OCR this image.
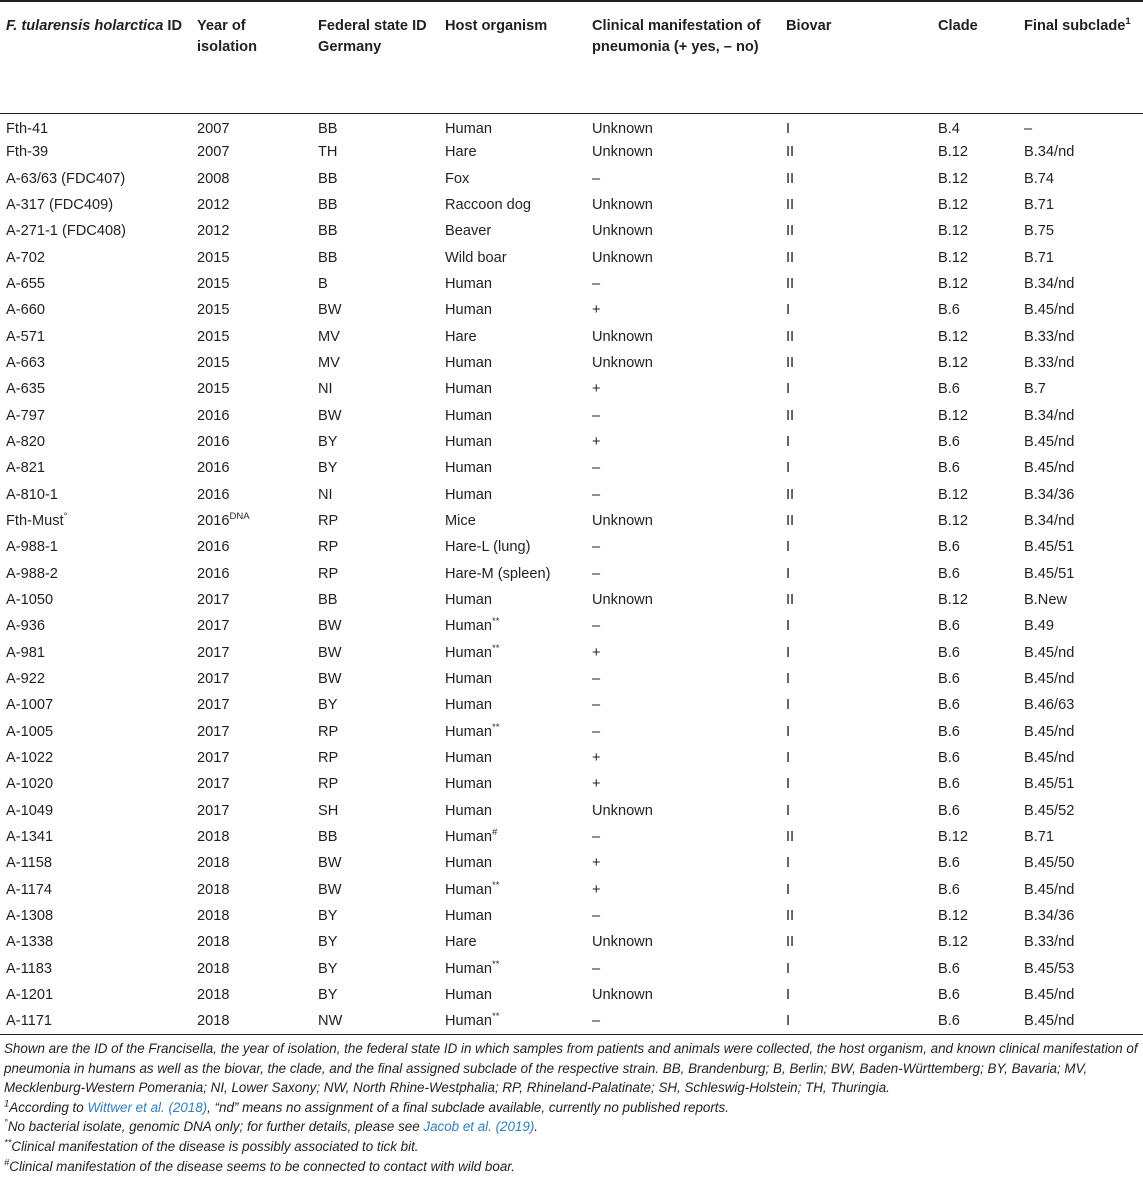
F. tularensis holarctica ID	Year of isolation	Federal state ID Germany	Host organism	Clinical manifestation of pneumonia (+ yes, – no)	Biovar	Clade	Final subclade$^1$
Fth-41	2007	BB	Human	Unknown	I	B.4	–
Fth-39	2007	TH	Hare	Unknown	II	B.12	B.34/nd
A-63/63 (FDC407)	2008	BB	Fox	–	II	B.12	B.74
A-317 (FDC409)	2012	BB	Raccoon dog	Unknown	II	B.12	B.71
A-271-1 (FDC408)	2012	BB	Beaver	Unknown	II	B.12	B.75
A-702	2015	BB	Wild boar	Unknown	II	B.12	B.71
A-655	2015	B	Human	–	II	B.12	B.34/nd
A-660	2015	BW	Human	+	I	B.6	B.45/nd
A-571	2015	MV	Hare	Unknown	II	B.12	B.33/nd
A-663	2015	MV	Human	Unknown	II	B.12	B.33/nd
A-635	2015	NI	Human	+	I	B.6	B.7
A-797	2016	BW	Human	–	II	B.12	B.34/nd
A-820	2016	BY	Human	+	I	B.6	B.45/nd
A-821	2016	BY	Human	–	I	B.6	B.45/nd
A-810-1	2016	NI	Human	–	II	B.12	B.34/36
Fth-Must°	$2016^{DNA}$	RP	Mice	Unknown	II	B.12	B.34/nd
A-988-1	2016	RP	Hare-L (lung)	–	I	B.6	B.45/51
A-988-2	2016	RP	Hare-M (spleen)	–	I	B.6	B.45/51
A-1050	2017	BB	Human	Unknown	II	B.12	B.New
A-936	2017	BW	Human**	–	I	B.6	B.49
A-981	2017	BW	Human**	+	I	B.6	B.45/nd
A-922	2017	BW	Human	–	I	B.6	B.45/nd
A-1007	2017	BY	Human	–	I	B.6	B.46/63
A-1005	2017	RP	Human**	–	I	B.6	B.45/nd
A-1022	2017	RP	Human	+	I	B.6	B.45/nd
A-1020	2017	RP	Human	+	I	B.6	B.45/51
A-1049	2017	SH	Human	Unknown	I	B.6	B.45/52
A-1341	2018	BB	Human#	–	II	B.12	B.71
A-1158	2018	BW	Human	+	I	B.6	B.45/50
A-1174	2018	BW	Human**	+	I	B.6	B.45/nd
A-1308	2018	BY	Human	–	II	B.12	B.34/36
A-1338	2018	BY	Hare	Unknown	II	B.12	B.33/nd
A-1183	2018	BY	Human**	–	I	B.6	B.45/53
A-1201	2018	BY	Human	Unknown	I	B.6	B.45/nd
A-1171	2018	NW	Human**	–	I	B.6	B.45/nd

Shown are the ID of the Francisella, the year of isolation, the federal state ID in which samples from patients and animals were collected, the host organism, and known clinical manifestation of pneumonia in humans as well as the biovar, the clade, and the final assigned subclade of the respective strain. BB, Brandenburg; B, Berlin; BW, Baden-Württemberg; BY, Bavaria; MV, Mecklenburg-Western Pomerania; NI, Lower Saxony; NW, North Rhine-Westphalia; RP, Rhineland-Palatinate; SH, Schleswig-Holstein; TH, Thuringia.

$^1$According to Wittwer et al. (2018), “nd” means no assignment of a final subclade available, currently no published reports.

°No bacterial isolate, genomic DNA only; for further details, please see Jacob et al. (2019).

**Clinical manifestation of the disease is possibly associated to tick bit.

#Clinical manifestation of the disease seems to be connected to contact with wild boar.
